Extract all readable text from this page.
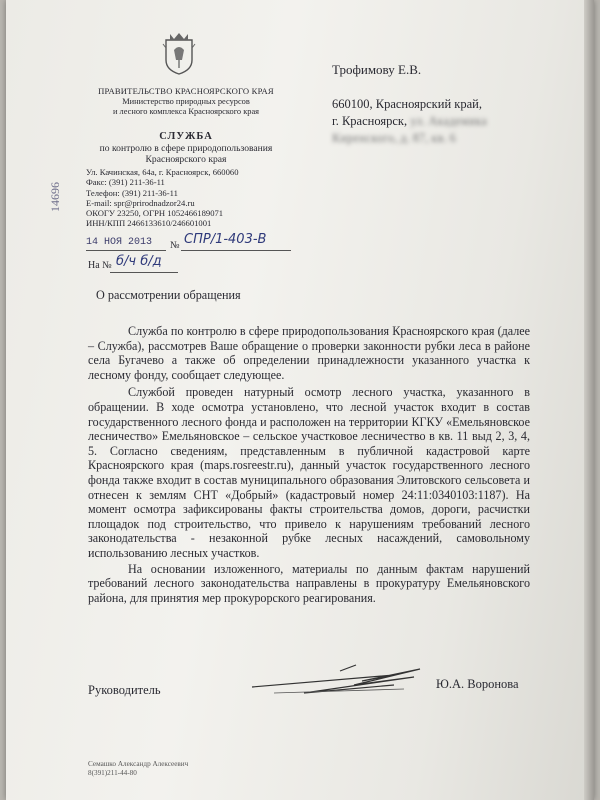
ПРАВИТЕЛЬСТВО КРАСНОЯРСКОГО КРАЯ
Министерство природных ресурсов
и лесного комплекса Красноярского края
СЛУЖБА
по контролю в сфере природопользования
Красноярского края
Ул. Качинская, 64а, г. Красноярск, 660060
Факс: (391) 211-36-11
Телефон: (391) 211-36-11
E-mail: spr@prirodnadzor24.ru
ОКОГУ 23250, ОГРН 1052466189071
ИНН/КПП 2466133610/246601001
14696
14 НОЯ 2013 № СПР/1-403-В
На № б/ч б/д
Трофимову Е.В.
660100, Красноярский край,
г. Красноярск, ул. Академика
Киренского, д. 87, кв. 6
О рассмотрении обращения

Служба по контролю в сфере природопользования Красноярского края (далее – Служба), рассмотрев Ваше обращение о проверки законности рубки леса в районе села Бугачево а также об определении принадлежности указанного участка к лесному фонду, сообщает следующее.

Службой проведен натурный осмотр лесного участка, указанного в обращении. В ходе осмотра установлено, что лесной участок входит в состав государственного лесного фонда и расположен на территории КГКУ «Емельяновское лесничество» Емельяновское – сельское участковое лесничество в кв. 11 выд 2, 3, 4, 5. Согласно сведениям, представленным в публичной кадастровой карте Красноярского края (maps.rosreestr.ru), данный участок государственного лесного фонда также входит в состав муниципального образования Элитовского сельсовета и отнесен к землям СНТ «Добрый» (кадастровый номер 24:11:0340103:1187). На момент осмотра зафиксированы факты строительства домов, дороги, расчистки площадок под строительство, что привело к нарушениям требований лесного законодательства - незаконной рубке лесных насаждений, самовольному использованию лесных участков.

На основании изложенного, материалы по данным фактам нарушений требований лесного законодательства направлены в прокуратуру Емельяновского района, для принятия мер прокурорского реагирования.

Руководитель	Ю.А. Воронова
Семашко Александр Алексеевич
8(391)211-44-80
